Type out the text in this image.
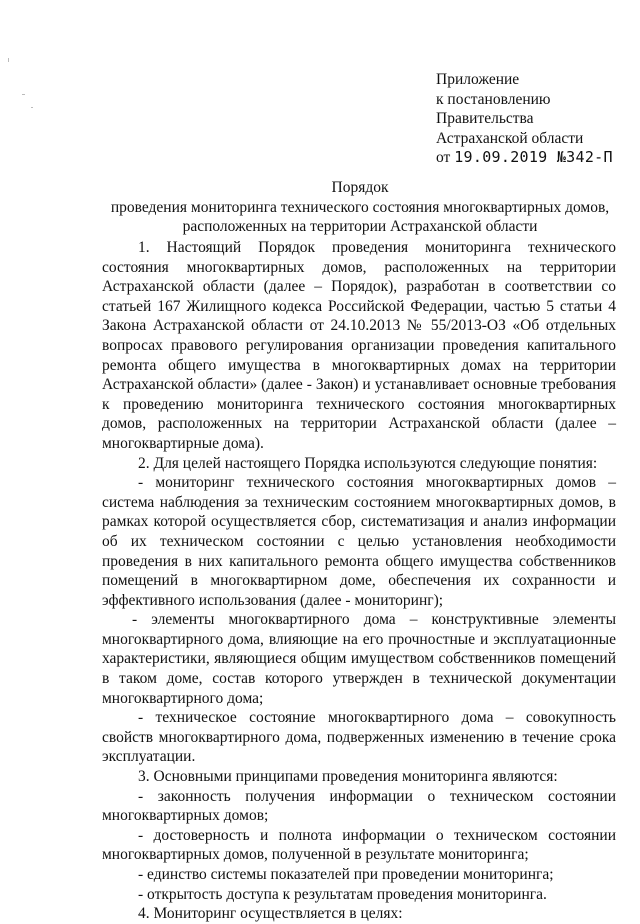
Приложение
к постановлению
Правительства
Астраханской области
от 19.09.2019 №342-П
Порядок
проведения мониторинга технического состояния многоквартирных домов,
расположенных на территории Астраханской области

1. Настоящий Порядок проведения мониторинга технического состояния многоквартирных домов, расположенных на территории Астраханской области (далее – Порядок), разработан в соответствии со статьей 167 Жилищного кодекса Российской Федерации, частью 5 статьи 4 Закона Астраханской области от 24.10.2013 № 55/2013-ОЗ «Об отдельных вопросах правового регулирования организации проведения капитального ремонта общего имущества в многоквартирных домах на территории Астраханской области» (далее - Закон) и устанавливает основные требования к проведению мониторинга технического состояния многоквартирных домов, расположенных на территории Астраханской области (далее – многоквартирные дома).

2. Для целей настоящего Порядка используются следующие понятия:

- мониторинг технического состояния многоквартирных домов – система наблюдения за техническим состоянием многоквартирных домов, в рамках которой осуществляется сбор, систематизация и анализ информации об их техническом состоянии с целью установления необходимости проведения в них капитального ремонта общего имущества собственников помещений в многоквартирном доме, обеспечения их сохранности и эффективного использования (далее - мониторинг);

- элементы многоквартирного дома – конструктивные элементы многоквартирного дома, влияющие на его прочностные и эксплуатационные характеристики, являющиеся общим имуществом собственников помещений в таком доме, состав которого утвержден в технической документации многоквартирного дома;

- техническое состояние многоквартирного дома – совокупность свойств многоквартирного дома, подверженных изменению в течение срока эксплуатации.

3. Основными принципами проведения мониторинга являются:

- законность получения информации о техническом состоянии многоквартирных домов;

- достоверность и полнота информации о техническом состоянии многоквартирных домов, полученной в результате мониторинга;

- единство системы показателей при проведении мониторинга;

- открытость доступа к результатам проведения мониторинга.

4. Мониторинг осуществляется в целях:
